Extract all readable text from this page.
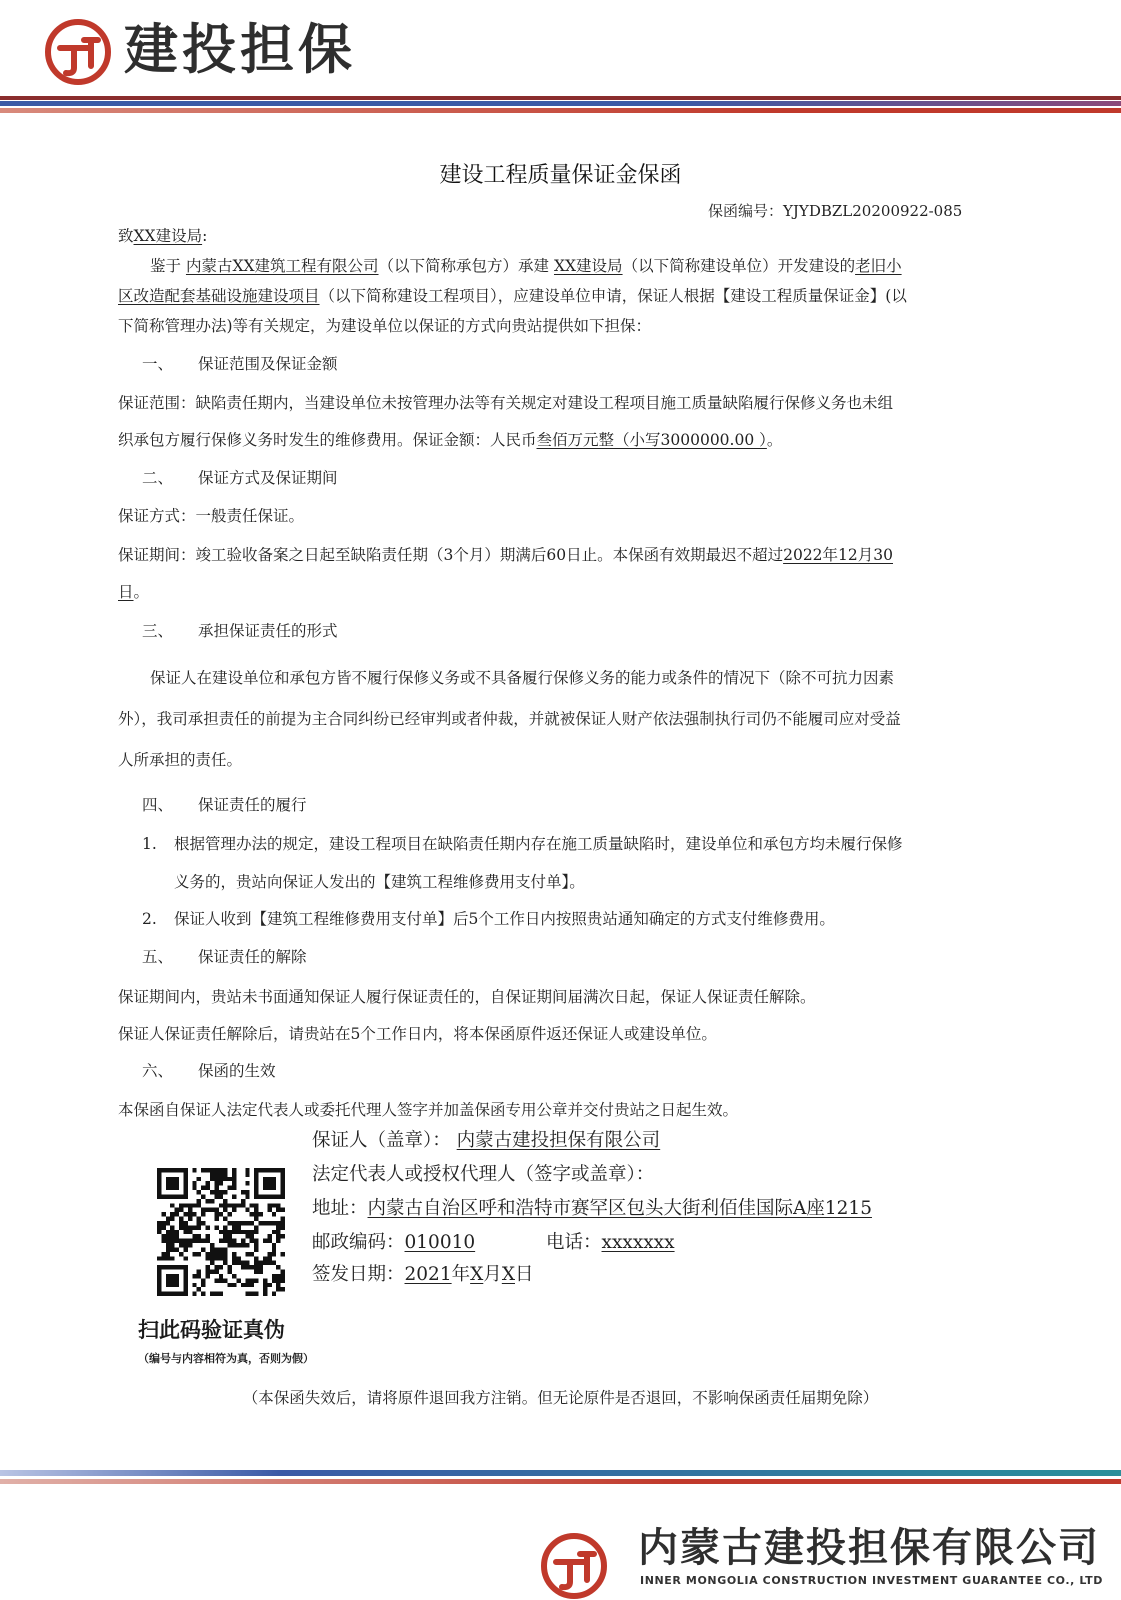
建投担保
建设工程质量保证金保函
保函编号：YJYDBZL20200922-085
致XX建设局:
鉴于 内蒙古XX建筑工程有限公司（以下简称承包方）承建 XX建设局（以下简称建设单位）开发建设的老旧小
区改造配套基础设施建设项目（以下简称建设工程项目），应建设单位申请，保证人根据【建设工程质量保证金】(以
下简称管理办法)等有关规定，为建设单位以保证的方式向贵站提供如下担保：
一、 保证范围及保证金额
保证范围：缺陷责任期内，当建设单位未按管理办法等有关规定对建设工程项目施工质量缺陷履行保修义务也未组
织承包方履行保修义务时发生的维修费用。保证金额：人民币叁佰万元整（小写3000000.00 ）。
二、 保证方式及保证期间
保证方式：一般责任保证。
保证期间：竣工验收备案之日起至缺陷责任期（3个月）期满后60日止。本保函有效期最迟不超过2022年12月30
日。
三、 承担保证责任的形式
保证人在建设单位和承包方皆不履行保修义务或不具备履行保修义务的能力或条件的情况下（除不可抗力因素
外），我司承担责任的前提为主合同纠纷已经审判或者仲裁，并就被保证人财产依法强制执行司仍不能履司应对受益
人所承担的责任。
四、 保证责任的履行
1. 根据管理办法的规定，建设工程项目在缺陷责任期内存在施工质量缺陷时，建设单位和承包方均未履行保修
义务的，贵站向保证人发出的【建筑工程维修费用支付单】。
2. 保证人收到【建筑工程维修费用支付单】后5个工作日内按照贵站通知确定的方式支付维修费用。
五、 保证责任的解除
保证期间内，贵站未书面通知保证人履行保证责任的，自保证期间届满次日起，保证人保证责任解除。
保证人保证责任解除后，请贵站在5个工作日内，将本保函原件返还保证人或建设单位。
六、 保函的生效
本保函自保证人法定代表人或委托代理人签字并加盖保函专用公章并交付贵站之日起生效。
保证人（盖章）： 内蒙古建投担保有限公司
法定代表人或授权代理人（签字或盖章）：
地址：内蒙古自治区呼和浩特市赛罕区包头大街利佰佳国际A座1215
邮政编码：010010	电话：xxxxxxx
签发日期：2021年X月X日
扫此码验证真伪
（编号与内容相符为真，否则为假）
（本保函失效后，请将原件退回我方注销。但无论原件是否退回，不影响保函责任届期免除）
内蒙古建投担保有限公司
INNER MONGOLIA CONSTRUCTION INVESTMENT GUARANTEE CO., LTD
